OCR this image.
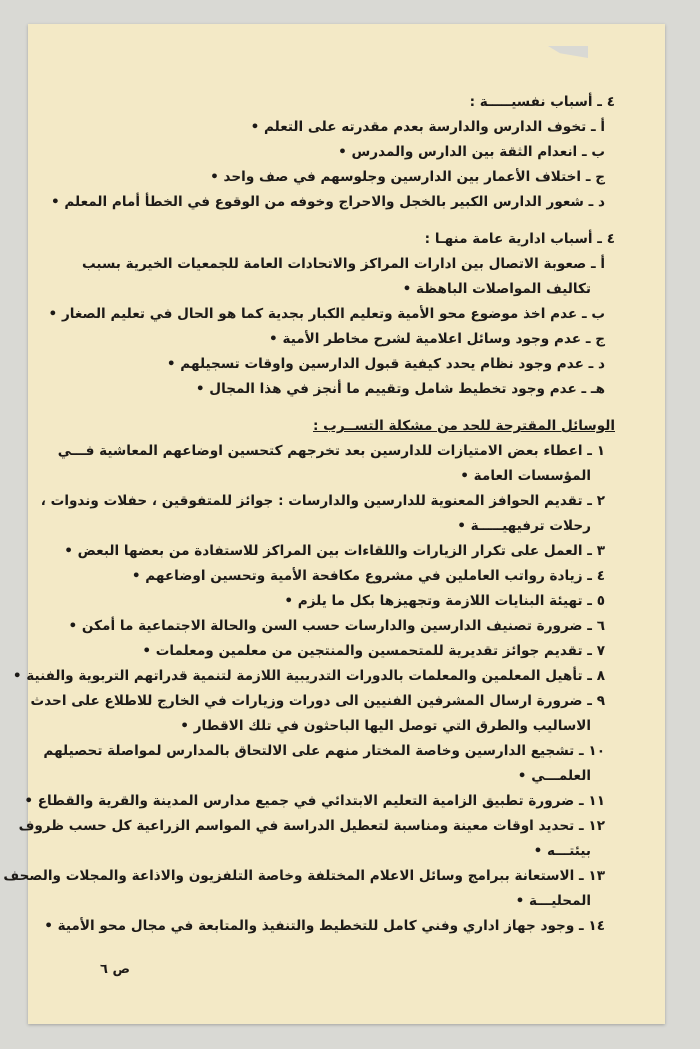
٤ ـ أسباب نفسيـــــة :
أ ـ تخوف الدارس والدارسة بعدم مقدرته على التعلم •
ب ـ انعدام الثقة بين الدارس والمدرس •
ج ـ اختلاف الأعمار بين الدارسين وجلوسهم في صف واحد •
د ـ شعور الدارس الكبير بالخجل والاحراج وخوفه من الوقوع في الخطأ أمام المعلم •
٤ ـ أسباب ادارية عامة منهـا :
أ ـ صعوبة الاتصال بين ادارات المراكز والاتحادات العامة للجمعيات الخيرية بسبب
تكاليف المواصلات الباهظة •
ب ـ عدم اخذ موضوع محو الأمية وتعليم الكبار بجدية كما هو الحال في تعليم الصغار •
ج ـ عدم وجود وسائل اعلامية لشرح مخاطر الأمية •
د ـ عدم وجود نظام يحدد كيفية قبول الدارسين واوقات تسجيلهم •
هـ ـ عدم وجود تخطيط شامل وتقييم ما أنجز في هذا المجال •
الوسائل المقترحة للحد من مشكلة التســرب :
١ ـ اعطاء بعض الامتيازات للدارسين بعد تخرجهم كتحسين اوضاعهم المعاشية فـــي
المؤسسات العامة •
٢ ـ تقديم الحوافز المعنوية للدارسين والدارسات : جوائز للمتفوقين ، حفلات وندوات ،
رحلات ترفيهيـــــة •
٣ ـ العمل على تكرار الزيارات واللقاءات بين المراكز للاستفادة من بعضها البعض •
٤ ـ زيادة رواتب العاملين في مشروع مكافحة الأمية وتحسين اوضاعهم •
٥ ـ تهيئة البنايات اللازمة وتجهيزها بكل ما يلزم •
٦ ـ ضرورة تصنيف الدارسين والدارسات حسب السن والحالة الاجتماعية ما أمكن •
٧ ـ تقديم جوائز تقديرية للمتحمسين والمنتجين من معلمين ومعلمات •
٨ ـ تأهيل المعلمين والمعلمات بالدورات التدريبية اللازمة لتنمية قدراتهم التربوية والفنية •
٩ ـ ضرورة ارسال المشرفين الفنيين الى دورات وزيارات في الخارج للاطلاع على احدث
الاساليب والطرق التي توصل اليها الباحثون في تلك الاقطار •
١٠ ـ تشجيع الدارسين وخاصة المختار منهم على الالتحاق بالمدارس لمواصلة تحصيلهم
العلمـــي •
١١ ـ ضرورة تطبيق الزامية التعليم الابتدائي في جميع مدارس المدينة والقرية والقطاع •
١٢ ـ تحديد اوقات معينة ومناسبة لتعطيل الدراسة في المواسم الزراعية كل حسب ظروف
بيئتـــه •
١٣ ـ الاستعانة ببرامج وسائل الاعلام المختلفة وخاصة التلفزيون والاذاعة والمجلات والصحف
المحليـــة •
١٤ ـ وجود جهاز اداري وفني كامل للتخطيط والتنفيذ والمتابعة في مجال محو الأمية •
ص ٦
